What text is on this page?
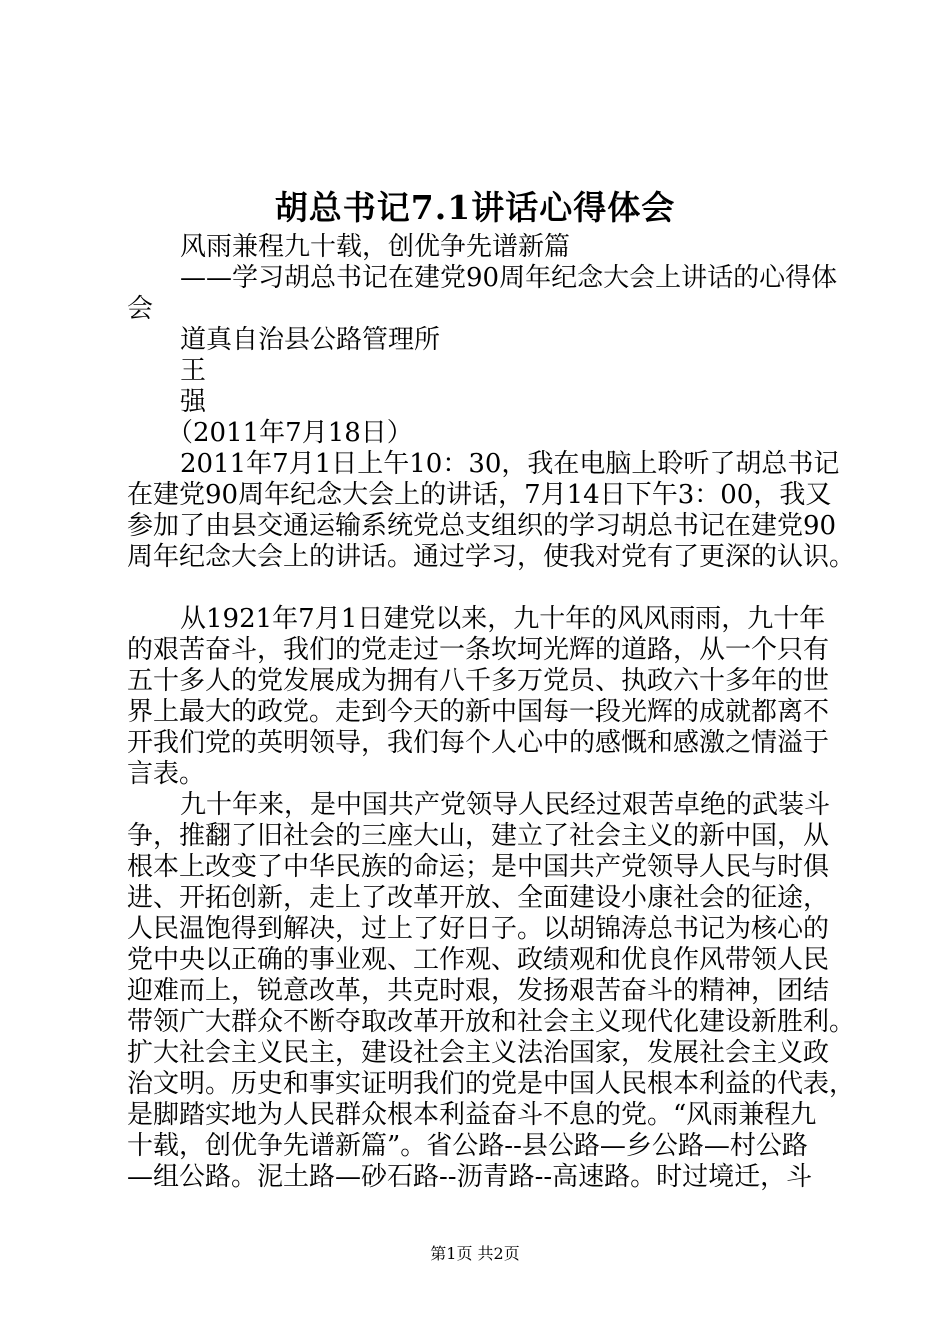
胡总书记7.1讲话心得体会
风雨兼程九十载，创优争先谱新篇
——学习胡总书记在建党90周年纪念大会上讲话的心得体
会
道真自治县公路管理所
王
强
（2011年7月18日）
2011年7月1日上午10：30，我在电脑上聆听了胡总书记
在建党90周年纪念大会上的讲话，7月14日下午3：00，我又
参加了由县交通运输系统党总支组织的学习胡总书记在建党90
周年纪念大会上的讲话。通过学习，使我对党有了更深的认识。
从1921年7月1日建党以来，九十年的风风雨雨，九十年
的艰苦奋斗，我们的党走过一条坎坷光辉的道路，从一个只有
五十多人的党发展成为拥有八千多万党员、执政六十多年的世
界上最大的政党。走到今天的新中国每一段光辉的成就都离不
开我们党的英明领导，我们每个人心中的感慨和感激之情溢于
言表。
九十年来，是中国共产党领导人民经过艰苦卓绝的武装斗
争，推翻了旧社会的三座大山，建立了社会主义的新中国，从
根本上改变了中华民族的命运；是中国共产党领导人民与时俱
进、开拓创新，走上了改革开放、全面建设小康社会的征途，
人民温饱得到解决，过上了好日子。以胡锦涛总书记为核心的
党中央以正确的事业观、工作观、政绩观和优良作风带领人民
迎难而上，锐意改革，共克时艰，发扬艰苦奋斗的精神，团结
带领广大群众不断夺取改革开放和社会主义现代化建设新胜利。
扩大社会主义民主，建设社会主义法治国家，发展社会主义政
治文明。历史和事实证明我们的党是中国人民根本利益的代表，
是脚踏实地为人民群众根本利益奋斗不息的党。“风雨兼程九
十载，创优争先谱新篇”。省公路--县公路—乡公路—村公路
—组公路。泥土路—砂石路--沥青路--高速路。时过境迁，斗
第1页 共2页
